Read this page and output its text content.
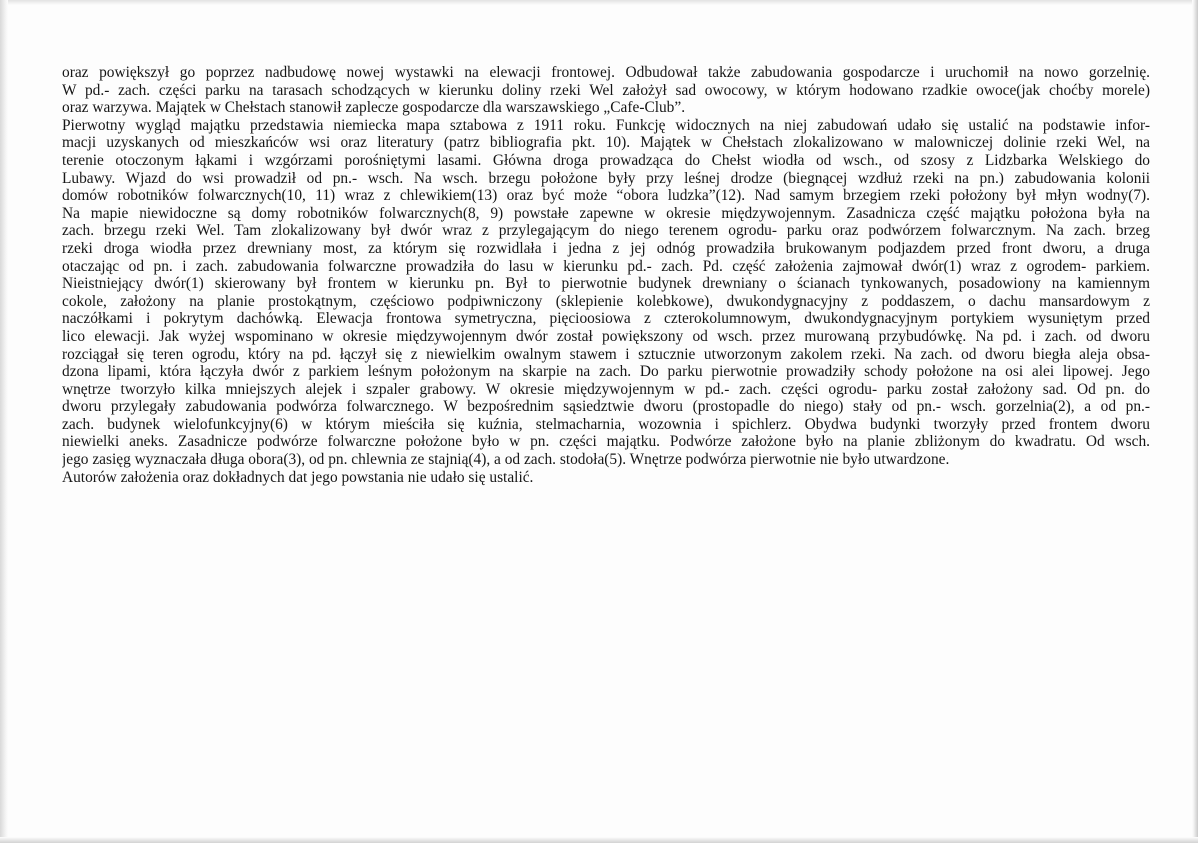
oraz powiększył go poprzez nadbudowę nowej wystawki na elewacji frontowej. Odbudował także zabudowania gospodarcze i uruchomił na nowo gorzelnię.
W pd.- zach. części parku na tarasach schodzących w kierunku doliny rzeki Wel założył sad owocowy, w którym hodowano rzadkie owoce(jak choćby morele)
oraz warzywa. Majątek w Chełstach stanowił zaplecze gospodarcze dla warszawskiego „Cafe-Club”.
Pierwotny wygląd majątku przedstawia niemiecka mapa sztabowa z 1911 roku. Funkcję widocznych na niej zabudowań udało się ustalić na podstawie infor-
macji uzyskanych od mieszkańców wsi oraz literatury (patrz bibliografia pkt. 10). Majątek w Chełstach zlokalizowano w malowniczej dolinie rzeki Wel, na
terenie otoczonym łąkami i wzgórzami porośniętymi lasami. Główna droga prowadząca do Chełst wiodła od wsch., od szosy z Lidzbarka Welskiego do
Lubawy. Wjazd do wsi prowadził od pn.- wsch. Na wsch. brzegu położone były przy leśnej drodze (biegnącej wzdłuż rzeki na pn.) zabudowania kolonii
domów robotników folwarcznych(10, 11) wraz z chlewikiem(13) oraz być może “obora ludzka”(12). Nad samym brzegiem rzeki położony był młyn wodny(7).
Na mapie niewidoczne są domy robotników folwarcznych(8, 9) powstałe zapewne w okresie międzywojennym. Zasadnicza część majątku położona była na
zach. brzegu rzeki Wel. Tam zlokalizowany był dwór wraz z przylegającym do niego terenem ogrodu- parku oraz podwórzem folwarcznym. Na zach. brzeg
rzeki droga wiodła przez drewniany most, za którym się rozwidlała i jedna z jej odnóg prowadziła brukowanym podjazdem przed front dworu, a druga
otaczając od pn. i zach. zabudowania folwarczne prowadziła do lasu w kierunku pd.- zach. Pd. część założenia zajmował dwór(1) wraz z ogrodem- parkiem.
Nieistniejący dwór(1) skierowany był frontem w kierunku pn. Był to pierwotnie budynek drewniany o ścianach tynkowanych, posadowiony na kamiennym
cokole, założony na planie prostokątnym, częściowo podpiwniczony (sklepienie kolebkowe), dwukondygnacyjny z poddaszem, o dachu mansardowym z
naczółkami i pokrytym dachówką. Elewacja frontowa symetryczna, pięcioosiowa z czterokolumnowym, dwukondygnacyjnym portykiem wysuniętym przed
lico elewacji. Jak wyżej wspominano w okresie międzywojennym dwór został powiększony od wsch. przez murowaną przybudówkę. Na pd. i zach. od dworu
rozciągał się teren ogrodu, który na pd. łączył się z niewielkim owalnym stawem i sztucznie utworzonym zakolem rzeki. Na zach. od dworu biegła aleja obsa-
dzona lipami, która łączyła dwór z parkiem leśnym położonym na skarpie na zach. Do parku pierwotnie prowadziły schody położone na osi alei lipowej. Jego
wnętrze tworzyło kilka mniejszych alejek i szpaler grabowy. W okresie międzywojennym w pd.- zach. części ogrodu- parku został założony sad. Od pn. do
dworu przylegały zabudowania podwórza folwarcznego. W bezpośrednim sąsiedztwie dworu (prostopadle do niego) stały od pn.- wsch. gorzelnia(2), a od pn.-
zach. budynek wielofunkcyjny(6) w którym mieściła się kuźnia, stelmacharnia, wozownia i spichlerz. Obydwa budynki tworzyły przed frontem dworu
niewielki aneks. Zasadnicze podwórze folwarczne położone było w pn. części majątku. Podwórze założone było na planie zbliżonym do kwadratu. Od wsch.
jego zasięg wyznaczała długa obora(3), od pn. chlewnia ze stajnią(4), a od zach. stodoła(5). Wnętrze podwórza pierwotnie nie było utwardzone.
Autorów założenia oraz dokładnych dat jego powstania nie udało się ustalić.
